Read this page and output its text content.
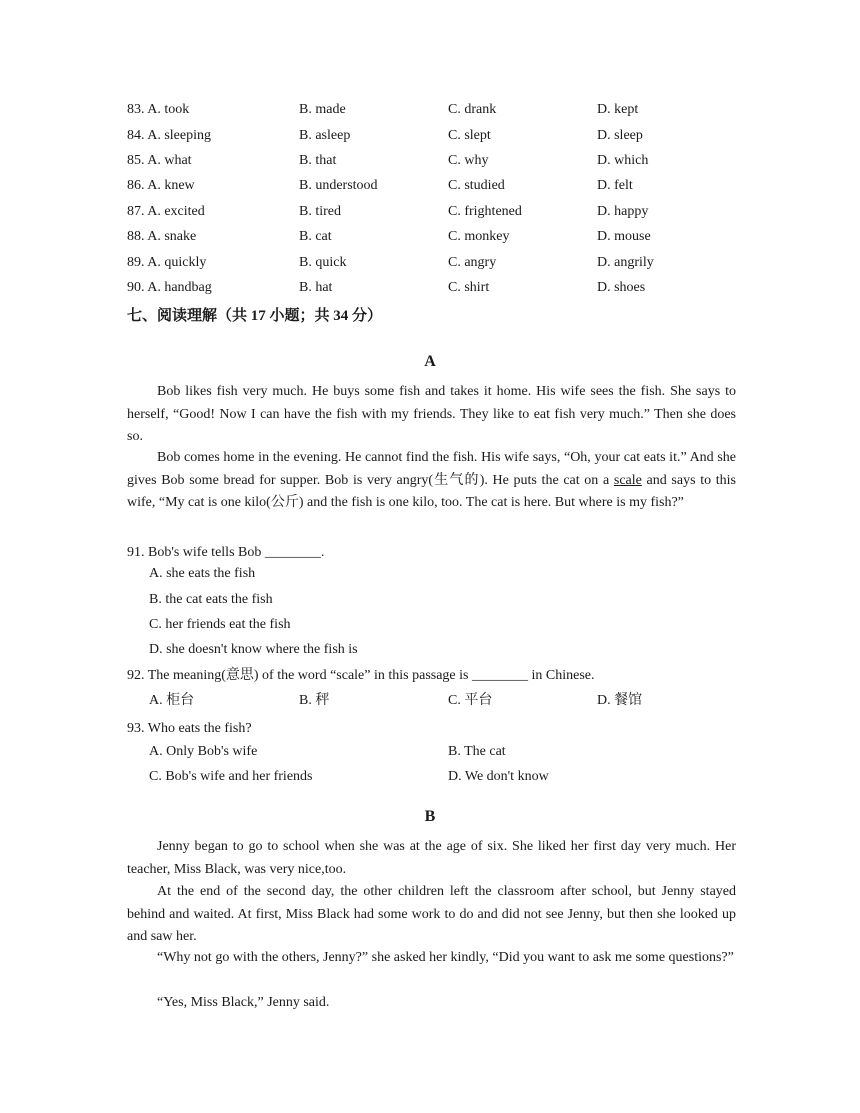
83. A. took	B. made	C. drank	D. kept
84. A. sleeping	B. asleep	C. slept	D. sleep
85. A. what	B. that	C. why	D. which
86. A. knew	B. understood	C. studied	D. felt
87. A. excited	B. tired	C. frightened	D. happy
88. A. snake	B. cat	C. monkey	D. mouse
89. A. quickly	B. quick	C. angry	D. angrily
90. A. handbag	B. hat	C. shirt	D. shoes
七、阅读理解（共 17 小题；共 34 分）
A

Bob likes fish very much. He buys some fish and takes it home. His wife sees the fish. She says to herself, “Good! Now I can have the fish with my friends. They like to eat fish very much.” Then she does so.

Bob comes home in the evening. He cannot find the fish. His wife says, “Oh, your cat eats it.” And she gives Bob some bread for supper. Bob is very angry(生气的). He puts the cat on a scale and says to this wife, “My cat is one kilo(公斤) and the fish is one kilo, too. The cat is here. But where is my fish?”

91. Bob's wife tells Bob ________.
A. she eats the fish
B. the cat eats the fish
C. her friends eat the fish
D. she doesn't know where the fish is
92. The meaning(意思) of the word “scale” in this passage is ________ in Chinese.
A. 柜台	B. 秤	C. 平台	D. 餐馆
93. Who eats the fish?
A. Only Bob's wife	B. The cat
C. Bob's wife and her friends	D. We don't know
B

Jenny began to go to school when she was at the age of six. She liked her first day very much. Her teacher, Miss Black, was very nice,too.

At the end of the second day, the other children left the classroom after school, but Jenny stayed behind and waited. At first, Miss Black had some work to do and did not see Jenny, but then she looked up and saw her.

“Why not go with the others, Jenny?” she asked her kindly, “Did you want to ask me some questions?”

“Yes, Miss Black,” Jenny said.
